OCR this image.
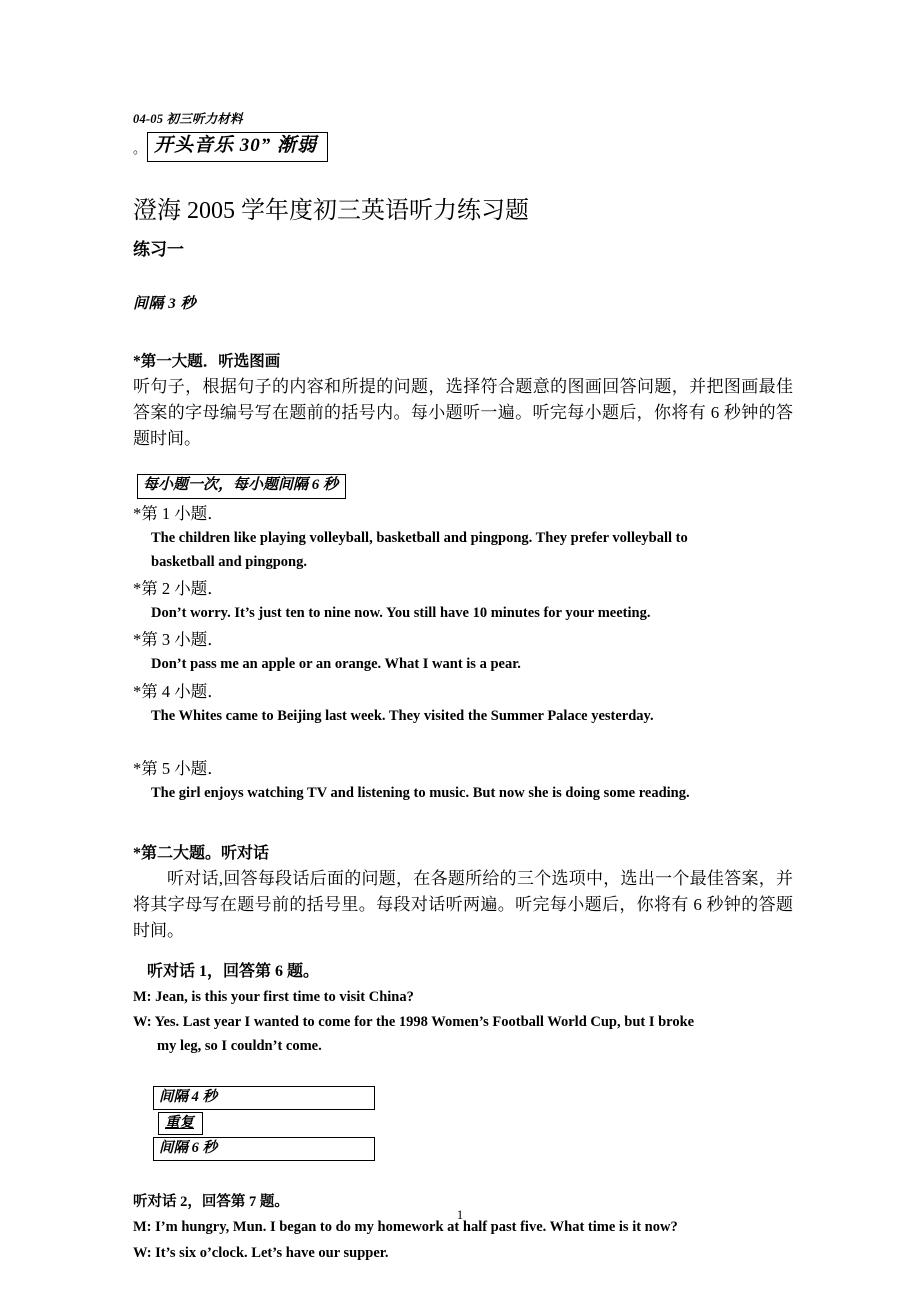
04-05 初三听力材料
。 开头音乐 30” 渐弱
澄海 2005 学年度初三英语听力练习题
练习一
间隔 3 秒
*第一大题．听选图画
听句子，根据句子的内容和所提的问题，选择符合题意的图画回答问题，并把图画最佳答案的字母编号写在题前的括号内。每小题听一遍。听完每小题后，你将有 6 秒钟的答题时间。
每小题一次，每小题间隔 6 秒
*第 1 小题．
The children like playing volleyball, basketball and pingpong. They prefer volleyball to
basketball and pingpong.
*第 2 小题．
Don’t worry. It’s just ten to nine now. You still have 10 minutes for your meeting.
*第 3 小题．
Don’t pass me an apple or an orange. What I want is a pear.
*第 4 小题．
The Whites came to Beijing last week. They visited the Summer Palace yesterday.
*第 5 小题．
The girl enjoys watching TV and listening to music. But now she is doing some reading.
*第二大题。听对话
听对话,回答每段话后面的问题，在各题所给的三个选项中，选出一个最佳答案，并将其字母写在题号前的括号里。每段对话听两遍。听完每小题后，你将有 6 秒钟的答题时间。
听对话 1，回答第 6 题。
M: Jean, is this your first time to visit China?
W: Yes. Last year I wanted to come for the 1998 Women’s Football World Cup, but I broke
my leg, so I couldn’t come.
间隔 4 秒
重复
间隔 6 秒
听对话 2，回答第 7 题。
M: I’m hungry, Mun. I began to do my homework at half past five. What time is it now?
W: It’s six o’clock. Let’s have our supper.
1
